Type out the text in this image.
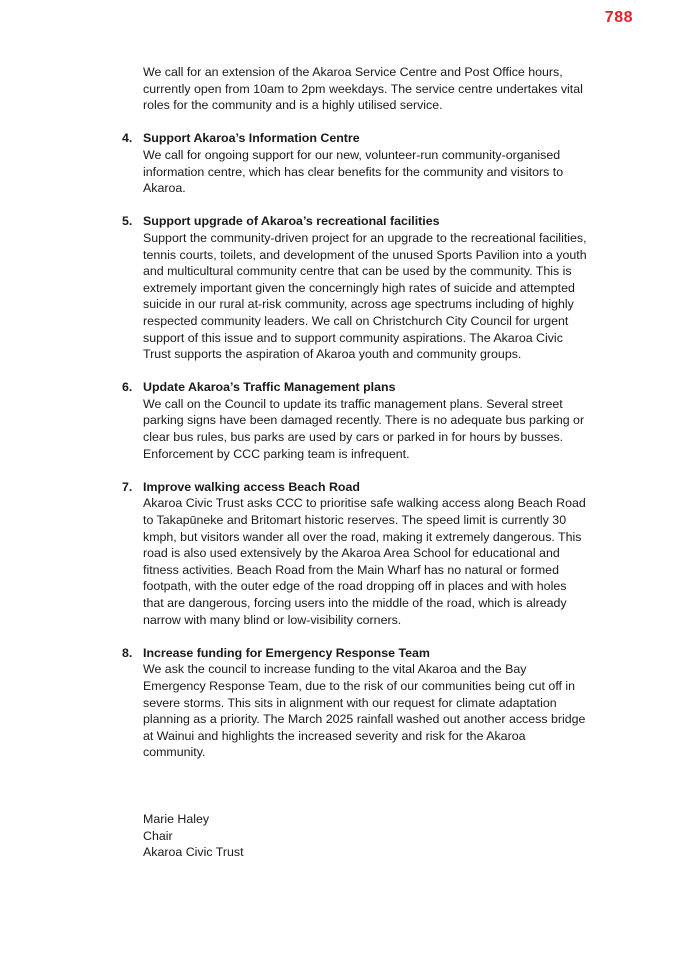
788

We call for an extension of the Akaroa Service Centre and Post Office hours, currently open from 10am to 2pm weekdays. The service centre undertakes vital roles for the community and is a highly utilised service.

4. Support Akaroa’s Information Centre
We call for ongoing support for our new, volunteer-run community-organised information centre, which has clear benefits for the community and visitors to Akaroa.
5. Support upgrade of Akaroa’s recreational facilities
Support the community-driven project for an upgrade to the recreational facilities, tennis courts, toilets, and development of the unused Sports Pavilion into a youth and multicultural community centre that can be used by the community. This is extremely important given the concerningly high rates of suicide and attempted suicide in our rural at-risk community, across age spectrums including of highly respected community leaders. We call on Christchurch City Council for urgent support of this issue and to support community aspirations. The Akaroa Civic Trust supports the aspiration of Akaroa youth and community groups.
6. Update Akaroa’s Traffic Management plans
We call on the Council to update its traffic management plans. Several street parking signs have been damaged recently. There is no adequate bus parking or clear bus rules, bus parks are used by cars or parked in for hours by busses. Enforcement by CCC parking team is infrequent.
7. Improve walking access Beach Road
Akaroa Civic Trust asks CCC to prioritise safe walking access along Beach Road to Takapūneke and Britomart historic reserves. The speed limit is currently 30 kmph, but visitors wander all over the road, making it extremely dangerous. This road is also used extensively by the Akaroa Area School for educational and fitness activities. Beach Road from the Main Wharf has no natural or formed footpath, with the outer edge of the road dropping off in places and with holes that are dangerous, forcing users into the middle of the road, which is already narrow with many blind or low-visibility corners.
8. Increase funding for Emergency Response Team
We ask the council to increase funding to the vital Akaroa and the Bay Emergency Response Team, due to the risk of our communities being cut off in severe storms. This sits in alignment with our request for climate adaptation planning as a priority. The March 2025 rainfall washed out another access bridge at Wainui and highlights the increased severity and risk for the Akaroa community.
Marie Haley
Chair
Akaroa Civic Trust
